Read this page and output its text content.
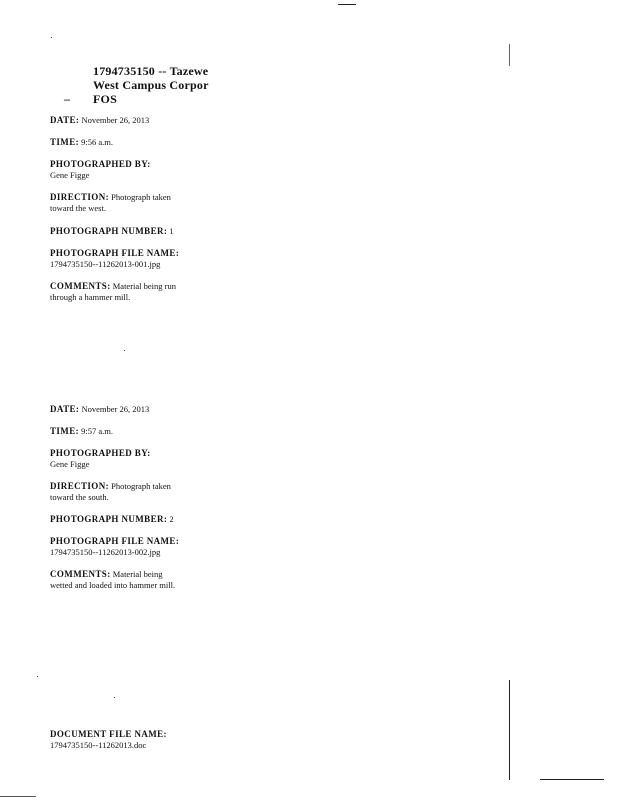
1794735150 -- Tazewe
West Campus Corpor
FOS
–
DATE: November 26, 2013
TIME: 9:56 a.m.
PHOTOGRAPHED BY:
Gene Figge
DIRECTION: Photograph taken toward the west.
PHOTOGRAPH NUMBER: 1
PHOTOGRAPH FILE NAME:
1794735150--11262013-001.jpg
COMMENTS: Material being run through a hammer mill.
DATE: November 26, 2013
TIME: 9:57 a.m.
PHOTOGRAPHED BY:
Gene Figge
DIRECTION: Photograph taken toward the south.
PHOTOGRAPH NUMBER: 2
PHOTOGRAPH FILE NAME:
1794735150--11262013-002.jpg
COMMENTS: Material being wetted and loaded into hammer mill.
DOCUMENT FILE NAME:
1794735150--11262013.doc
